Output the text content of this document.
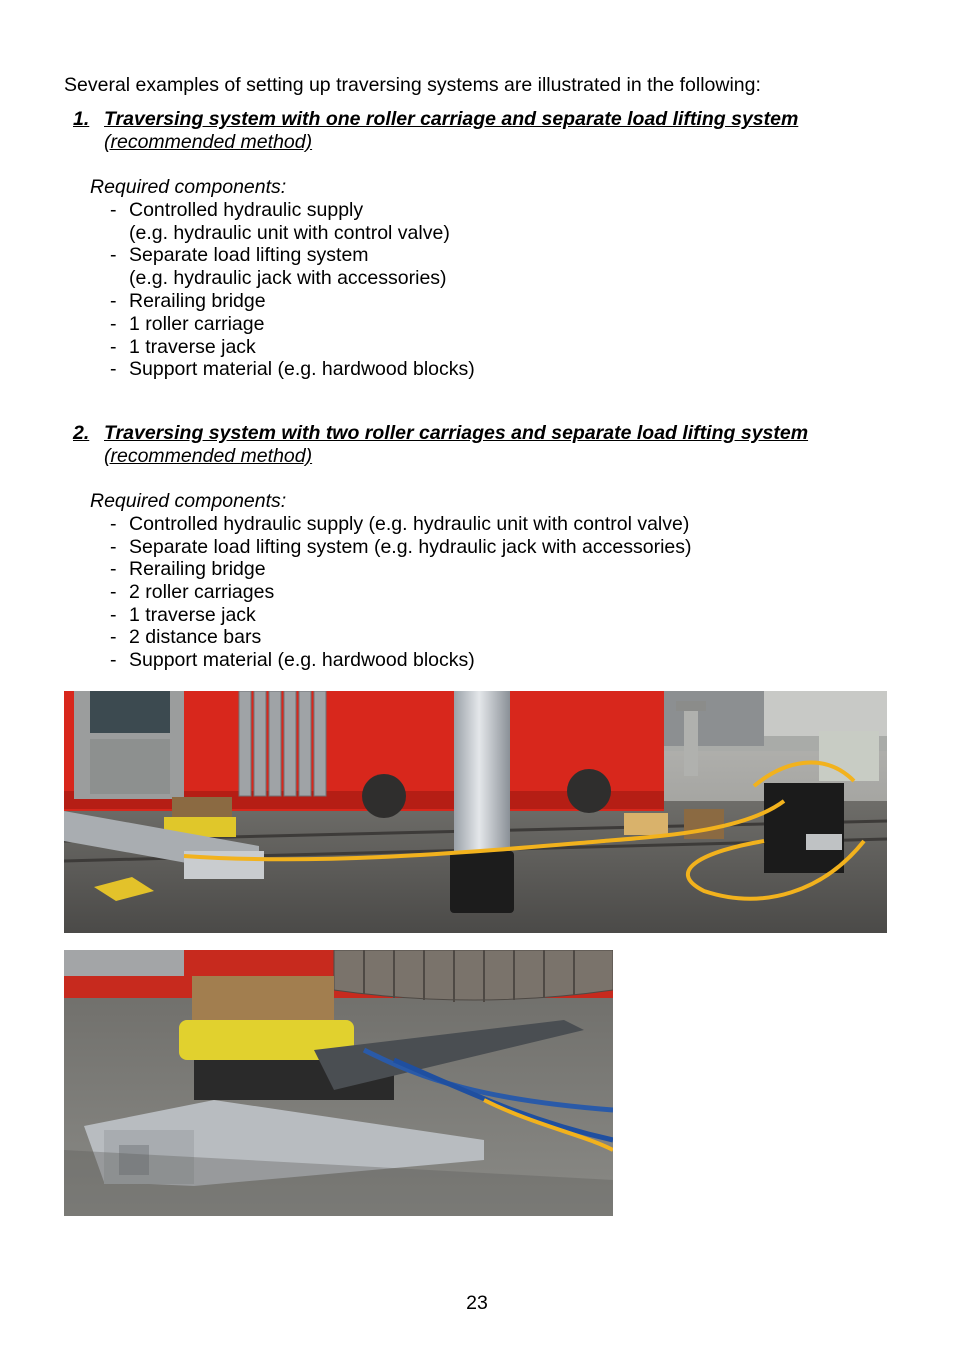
Several examples of setting up traversing systems are illustrated in the following:
1. Traversing system with one roller carriage and separate load lifting system
(recommended method)
Required components:
- Controlled hydraulic supply
(e.g. hydraulic unit with control valve)
- Separate load lifting system
(e.g. hydraulic jack with accessories)
- Rerailing bridge
- 1 roller carriage
- 1 traverse jack
- Support material (e.g. hardwood blocks)
2. Traversing system with two roller carriages and separate load lifting system
(recommended method)
Required components:
- Controlled hydraulic supply (e.g. hydraulic unit with control valve)
- Separate load lifting system (e.g. hydraulic jack with accessories)
- Rerailing bridge
- 2 roller carriages
- 1 traverse jack
- 2 distance bars
- Support material (e.g. hardwood blocks)
23
